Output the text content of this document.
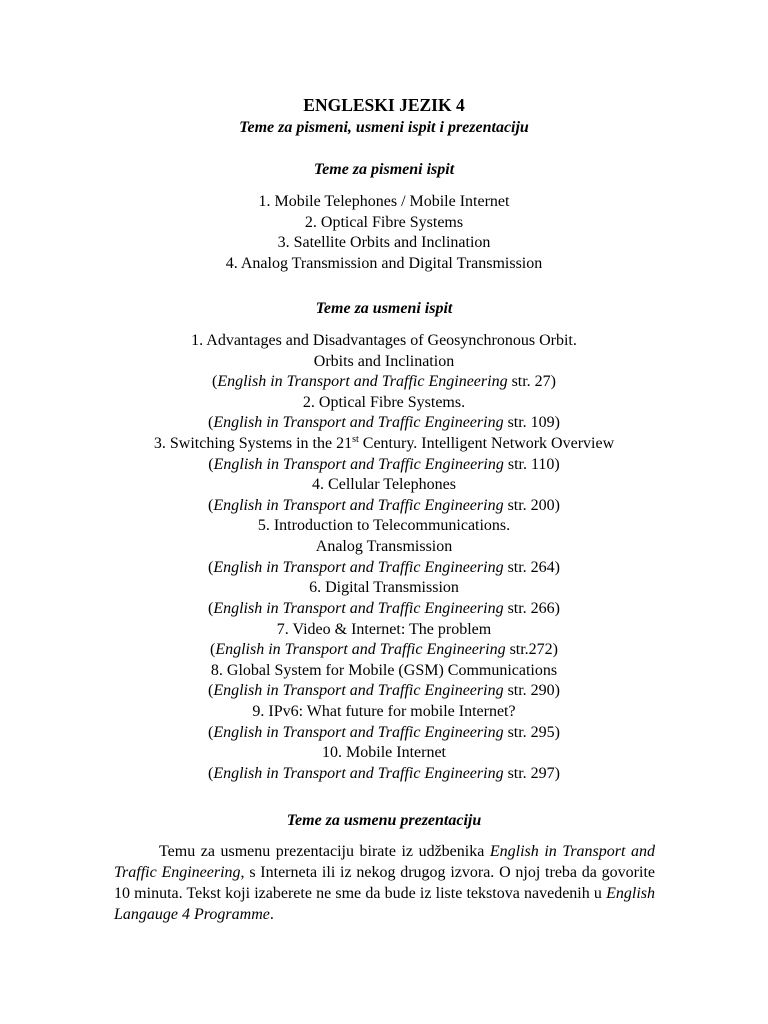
ENGLESKI JEZIK 4
Teme za pismeni, usmeni ispit i prezentaciju
Teme za pismeni ispit
1. Mobile Telephones / Mobile Internet
2. Optical Fibre Systems
3. Satellite Orbits and Inclination
4. Analog Transmission and Digital Transmission
Teme za usmeni ispit
1. Advantages and Disadvantages of Geosynchronous Orbit.
Orbits and Inclination
(English in Transport and Traffic Engineering str. 27)
2. Optical Fibre Systems.
(English in Transport and Traffic Engineering str. 109)
3. Switching Systems in the 21st Century. Intelligent Network Overview
(English in Transport and Traffic Engineering str. 110)
4. Cellular Telephones
(English in Transport and Traffic Engineering str. 200)
5. Introduction to Telecommunications.
Analog Transmission
(English in Transport and Traffic Engineering str. 264)
6. Digital Transmission
(English in Transport and Traffic Engineering str. 266)
7. Video & Internet: The problem
(English in Transport and Traffic Engineering str.272)
8. Global System for Mobile (GSM) Communications
(English in Transport and Traffic Engineering str. 290)
9. IPv6: What future for mobile Internet?
(English in Transport and Traffic Engineering str. 295)
10. Mobile Internet
(English in Transport and Traffic Engineering str. 297)
Teme za usmenu prezentaciju
Temu za usmenu prezentaciju birate iz udžbenika English in Transport and Traffic Engineering, s Interneta ili iz nekog drugog izvora. O njoj treba da govorite 10 minuta. Tekst koji izaberete ne sme da bude iz liste tekstova navedenih u English Langauge 4 Programme.
